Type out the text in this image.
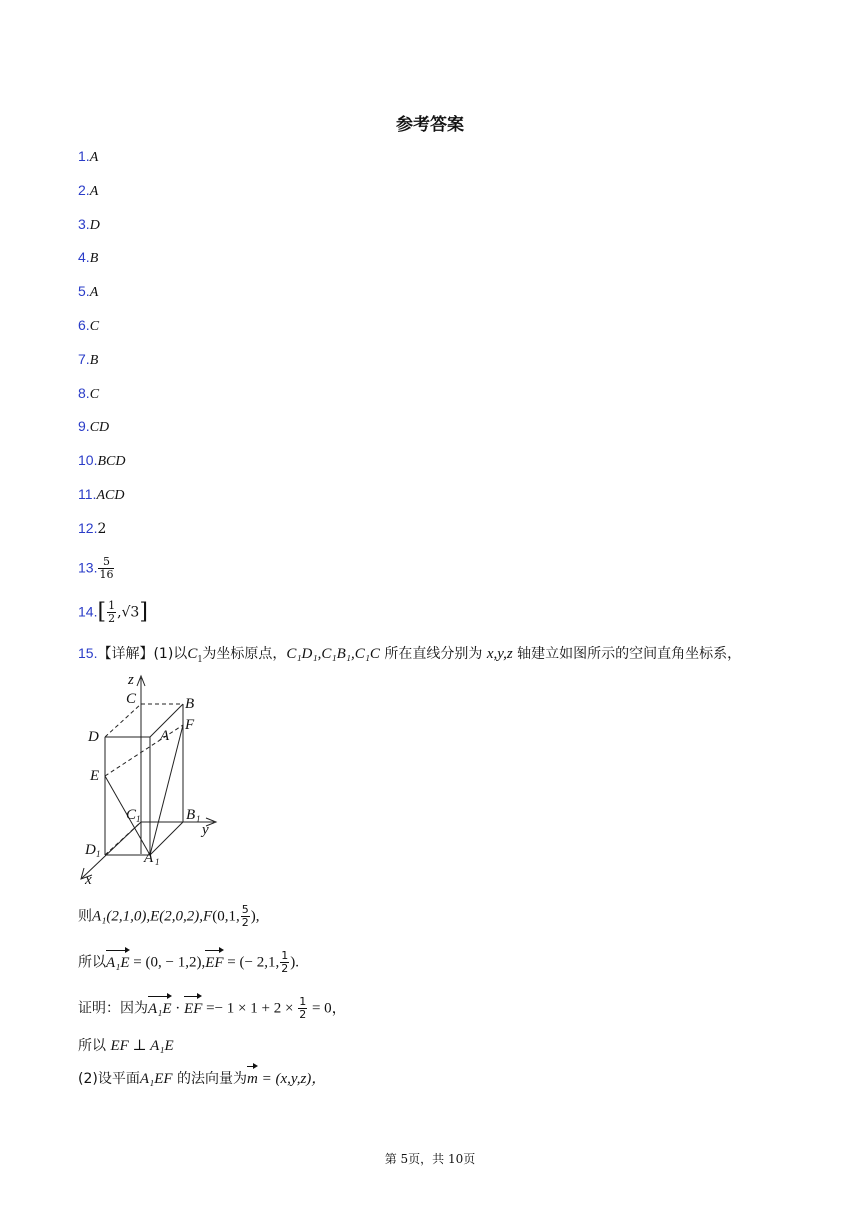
参考答案
1.A
2.A
3.D
4.B
5.A
6.C
7.B
8.C
9.CD
10.BCD
11.ACD
12.2
13. $\frac{5}{16}$
$14.[ \frac{1}{2} ,√3]$
15.【详解】(1)以$C_1$为坐标原点，C₁D₁,C₁B₁,C₁C 所在直线分别为 x,y,z 轴建立如图所示的空间直角坐标系，
z
C	B
D	A
F
E
C 1	B 1
y
D 1	A 1
x
则A₁(2,1,0),E(2,0,2),F(0,1, $\frac{5}{2}$ ),
所以A₁E = (0, − 1,2),EF = (− 2,1, $\frac{1}{2}$ ).
证明：因为A₁E · EF =− $1 \times 1 + 2 \times \frac{1}{2} = 0$，
所以 EF ⊥ A₁E
(2)设平面A₁EF 的法向量为m = (x,y,z)，
第 5页，共 10页
